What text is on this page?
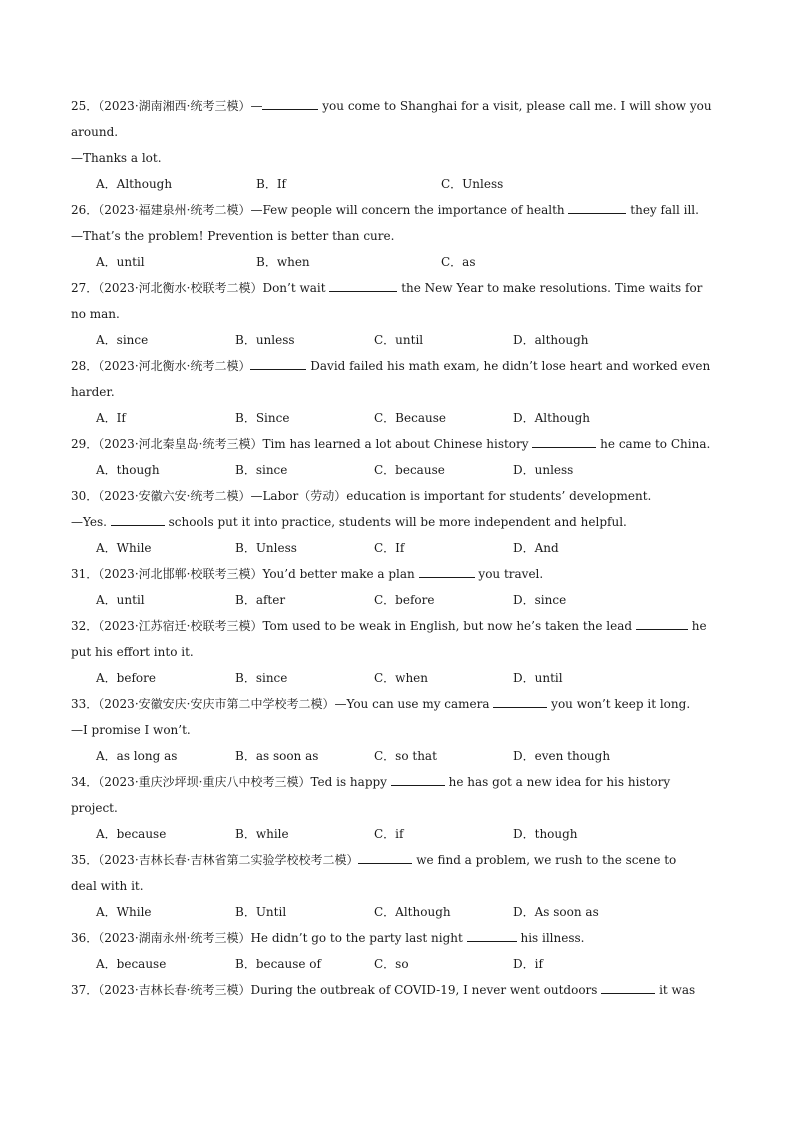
25．（2023·湖南湘西·统考三模）—	you come to Shanghai for a visit, please call me. I will show you
around.
—Thanks a lot.
A．Although	B．If	C．Unless
26．（2023·福建泉州·统考二模）—Few people will concern the importance of health	they fall ill.
—That’s the problem! Prevention is better than cure.
A．until	B．when	C．as
27．（2023·河北衡水·校联考二模）Don’t wait	the New Year to make resolutions. Time waits for
no man.
A．since	B．unless	C．until	D．although
28．（2023·河北衡水·统考二模）	David failed his math exam, he didn’t lose heart and worked even
harder.
A．If	B．Since	C．Because	D．Although
29．（2023·河北秦皇岛·统考三模）Tim has learned a lot about Chinese history	he came to China.
A．though	B．since	C．because	D．unless
30．（2023·安徽六安·统考二模）—Labor（劳动）education is important for students’ development.
—Yes.	schools put it into practice, students will be more independent and helpful.
A．While	B．Unless	C．If	D．And
31．（2023·河北邯郸·校联考三模）You’d better make a plan	you travel.
A．until	B．after	C．before	D．since
32．（2023·江苏宿迁·校联考三模）Tom used to be weak in English, but now he’s taken the lead	he
put his effort into it.
A．before	B．since	C．when	D．until
33．（2023·安徽安庆·安庆市第二中学校考二模）—You can use my camera	you won’t keep it long.
—I promise I won’t.
A．as long as	B．as soon as	C．so that	D．even though
34．（2023·重庆沙坪坝·重庆八中校考三模）Ted is happy	he has got a new idea for his history
project.
A．because	B．while	C．if	D．though
35．（2023·吉林长春·吉林省第二实验学校校考二模）	we find a problem, we rush to the scene to
deal with it.
A．While	B．Until	C．Although	D．As soon as
36．（2023·湖南永州·统考三模）He didn’t go to the party last night	his illness.
A．because	B．because of	C．so	D．if
37．（2023·吉林长春·统考三模）During the outbreak of COVID-19, I never went outdoors	it was
